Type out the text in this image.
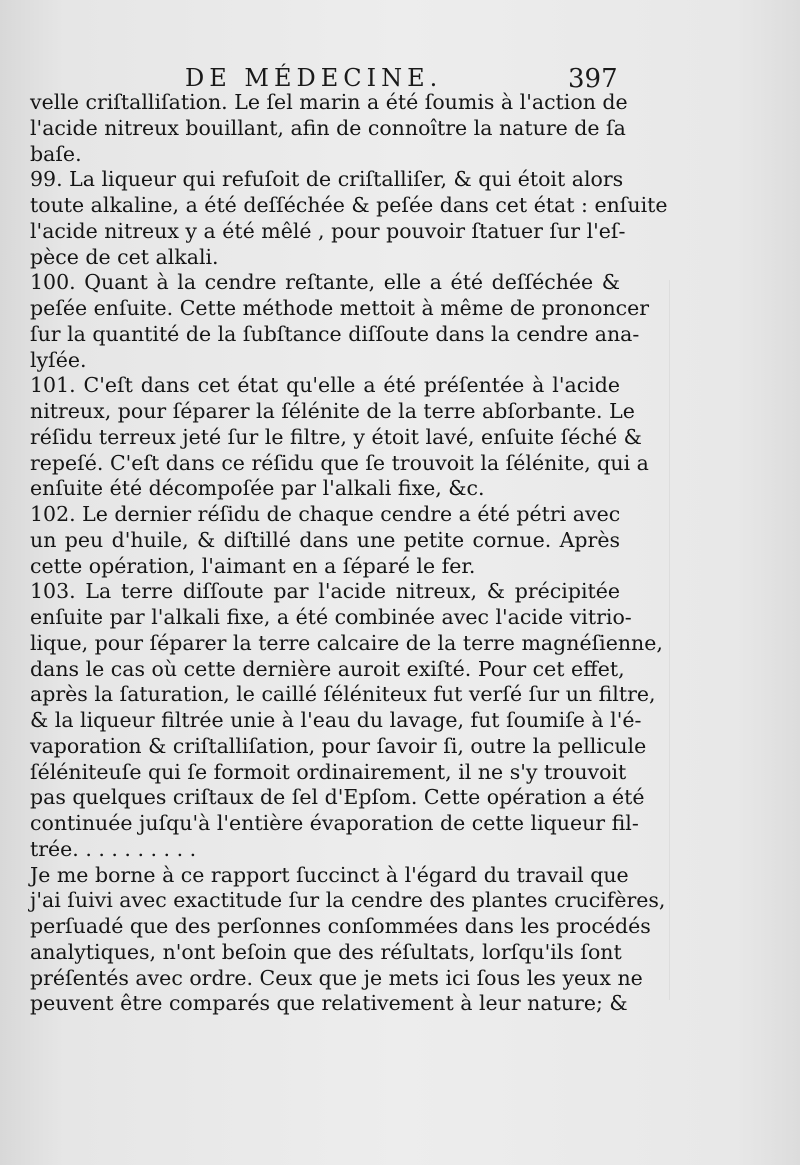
DE MÉDECINE.	397
velle criſtalliſation. Le ſel marin a été ſoumis à l'action de
l'acide nitreux bouillant, afin de connoître la nature de ſa
baſe.
99. La liqueur qui refuſoit de criſtalliſer, & qui étoit alors
toute alkaline, a été deſſéchée & peſée dans cet état : enſuite
l'acide nitreux y a été mêlé , pour pouvoir ſtatuer ſur l'eſ-
pèce de cet alkali.
100. Quant à la cendre reſtante, elle a été deſſéchée &
peſée enſuite. Cette méthode mettoit à même de prononcer
ſur la quantité de la ſubſtance diſſoute dans la cendre ana-
lyſée.
101. C'eſt dans cet état qu'elle a été préſentée à l'acide
nitreux, pour ſéparer la ſélénite de la terre abſorbante. Le
réſidu terreux jeté ſur le filtre, y étoit lavé, enſuite ſéché &
repeſé. C'eſt dans ce réſidu que ſe trouvoit la ſélénite, qui a
enſuite été décompoſée par l'alkali fixe, &c.
102. Le dernier réſidu de chaque cendre a été pétri avec
un peu d'huile, & diſtillé dans une petite cornue. Après
cette opération, l'aimant en a ſéparé le fer.
103. La terre diſſoute par l'acide nitreux, & précipitée
enſuite par l'alkali fixe, a été combinée avec l'acide vitrio-
lique, pour ſéparer la terre calcaire de la terre magnéſienne,
dans le cas où cette dernière auroit exiſté. Pour cet effet,
après la ſaturation, le caillé ſéléniteux fut verſé ſur un filtre,
& la liqueur filtrée unie à l'eau du lavage, fut ſoumiſe à l'é-
vaporation & criſtalliſation, pour ſavoir ſi, outre la pellicule
ſéléniteuſe qui ſe formoit ordinairement, il ne s'y trouvoit
pas quelques criſtaux de ſel d'Epſom. Cette opération a été
continuée juſqu'à l'entière évaporation de cette liqueur fil-
trée. . . . . . . . . .
Je me borne à ce rapport ſuccinct à l'égard du travail que
j'ai ſuivi avec exactitude ſur la cendre des plantes crucifères,
perſuadé que des perſonnes conſommées dans les procédés
analytiques, n'ont beſoin que des réſultats, lorſqu'ils ſont
préſentés avec ordre. Ceux que je mets ici ſous les yeux ne
peuvent être comparés que relativement à leur nature; &
